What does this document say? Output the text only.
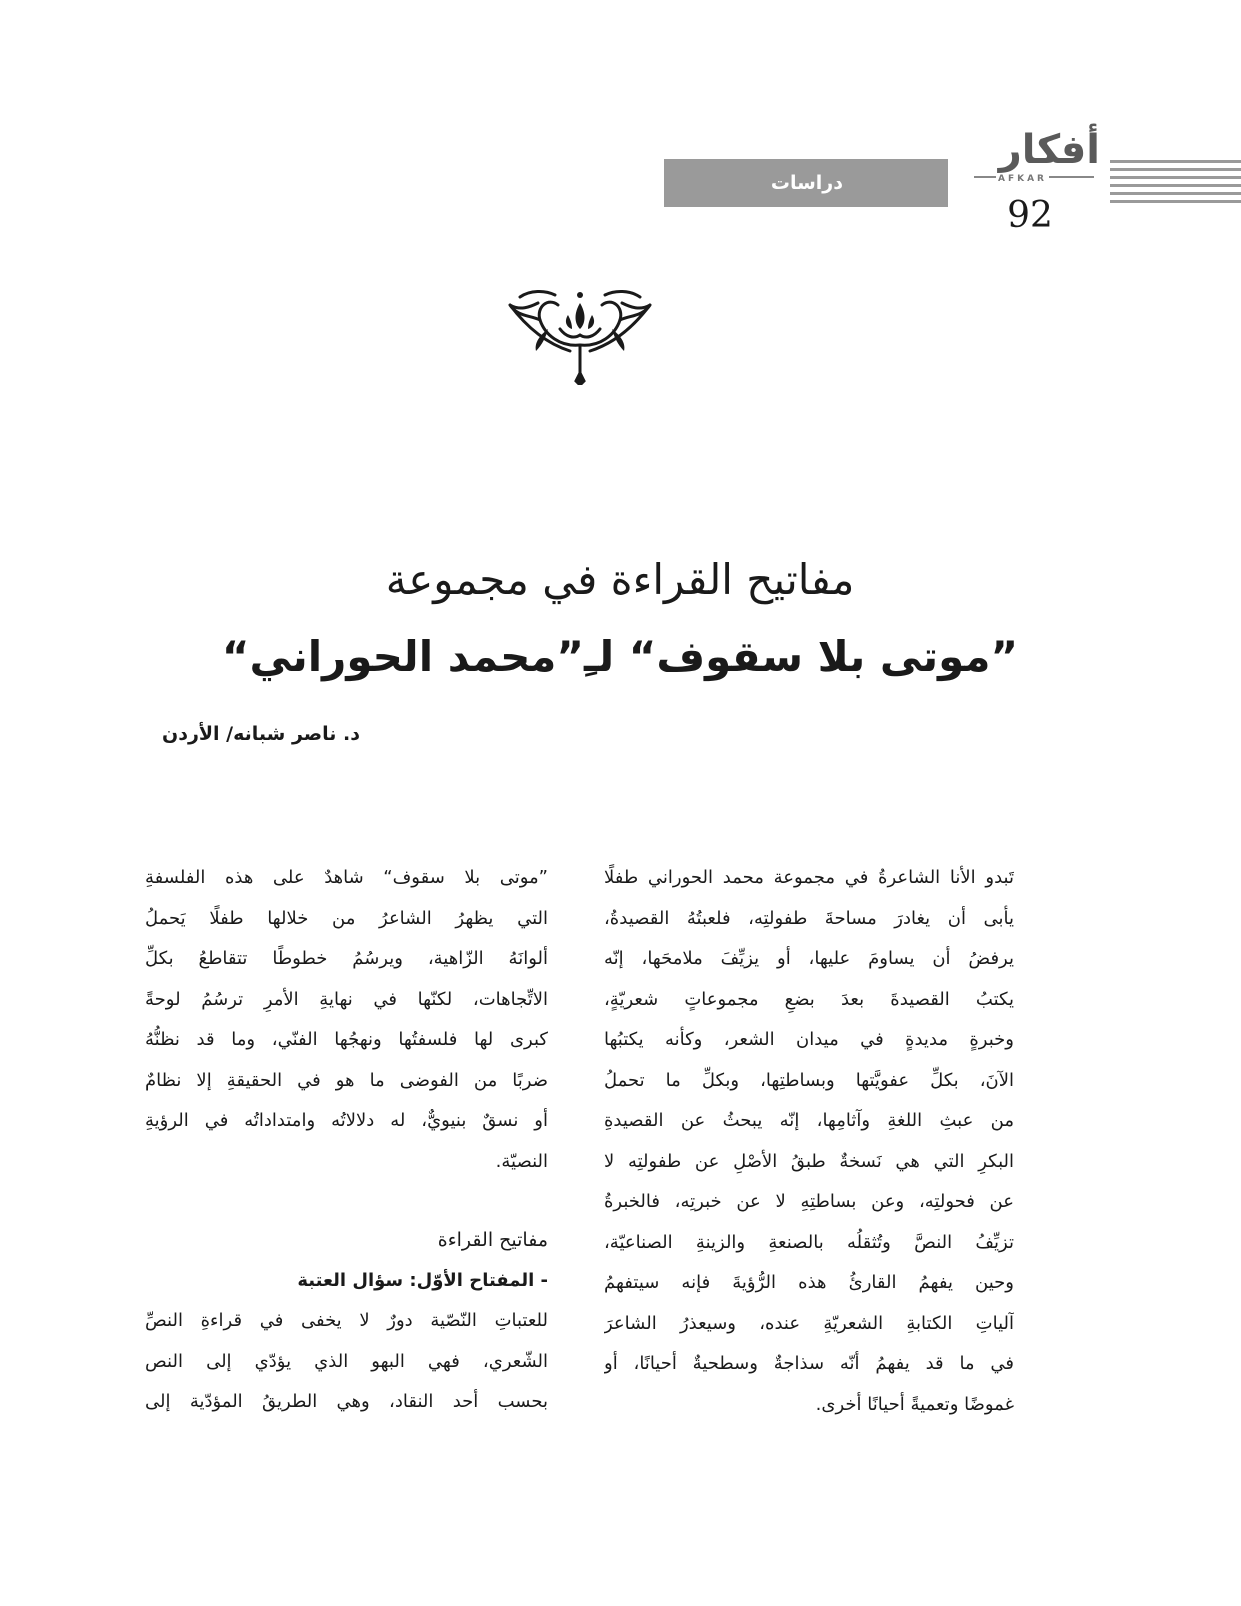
دراسات
أفكار
AFKAR
92
مفاتيح القراءة في مجموعة
”موتى بلا سقوف“ لـِ”محمد الحوراني“
د. ناصر شبانه/ الأردن
تَبدو الأنا الشاعرةُ في مجموعة محمد الحوراني طفلًا
يأبى أن يغادرَ مساحةَ طفولتِه، فلعبتُهُ القصيدةُ،
يرفضُ أن يساومَ عليها، أو يزيِّفَ ملامحَها، إنّه
يكتبُ القصيدةَ بعدَ بضعِ مجموعاتٍ شعريّةٍ،
وخبرةٍ مديدةٍ في ميدان الشعر، وكأنه يكتبُها
الآنَ، بكلِّ عفويَّتها وبساطتِها، وبكلِّ ما تحملُ
من عبثِ اللغةِ وآثامِها، إنّه يبحثُ عن القصيدةِ
البكرِ التي هي نَسخةٌ طبقُ الأصْلِ عن طفولتِه لا
عن فحولتِه، وعن بساطتِهِ لا عن خبرتِه، فالخبرةُ
تزيِّفُ النصَّ وتُثقلُه بالصنعةِ والزينةِ الصناعيّة،
وحين يفهمُ القارئُ هذه الرُّؤيةَ فإنه سيتفهمُ
آلياتِ الكتابةِ الشعريّةِ عنده، وسيعذرُ الشاعرَ
في ما قد يفهمُ أنّه سذاجةٌ وسطحيةٌ أحيانًا، أو
غموضًا وتعميةً أحيانًا أخرى.
”موتى بلا سقوف“ شاهدٌ على هذه الفلسفةِ
التي يظهرُ الشاعرُ من خلالها طفلًا يَحملُ
ألوانَهُ الزّاهية، ويرسُمُ خطوطًا تتقاطعُ بكلِّ
الاتِّجاهات، لكنّها في نهايةِ الأمرِ ترسُمُ لوحةً
كبرى لها فلسفتُها ونهجُها الفنّي، وما قد نظنُّهُ
ضربًا من الفوضى ما هو في الحقيقةِ إلا نظامٌ
أو نسقٌ بنيويٌّ، له دلالاتُه وامتداداتُه في الرؤيةِ
النصيّة.
مفاتيح القراءة
- المفتاح الأوّل: سؤال العتبة
للعتباتِ النّصّية دورٌ لا يخفى في قراءةِ النصِّ
الشّعري، فهي البهو الذي يؤدّي إلى النص
بحسب أحد النقاد، وهي الطريقُ المؤدّية إلى
